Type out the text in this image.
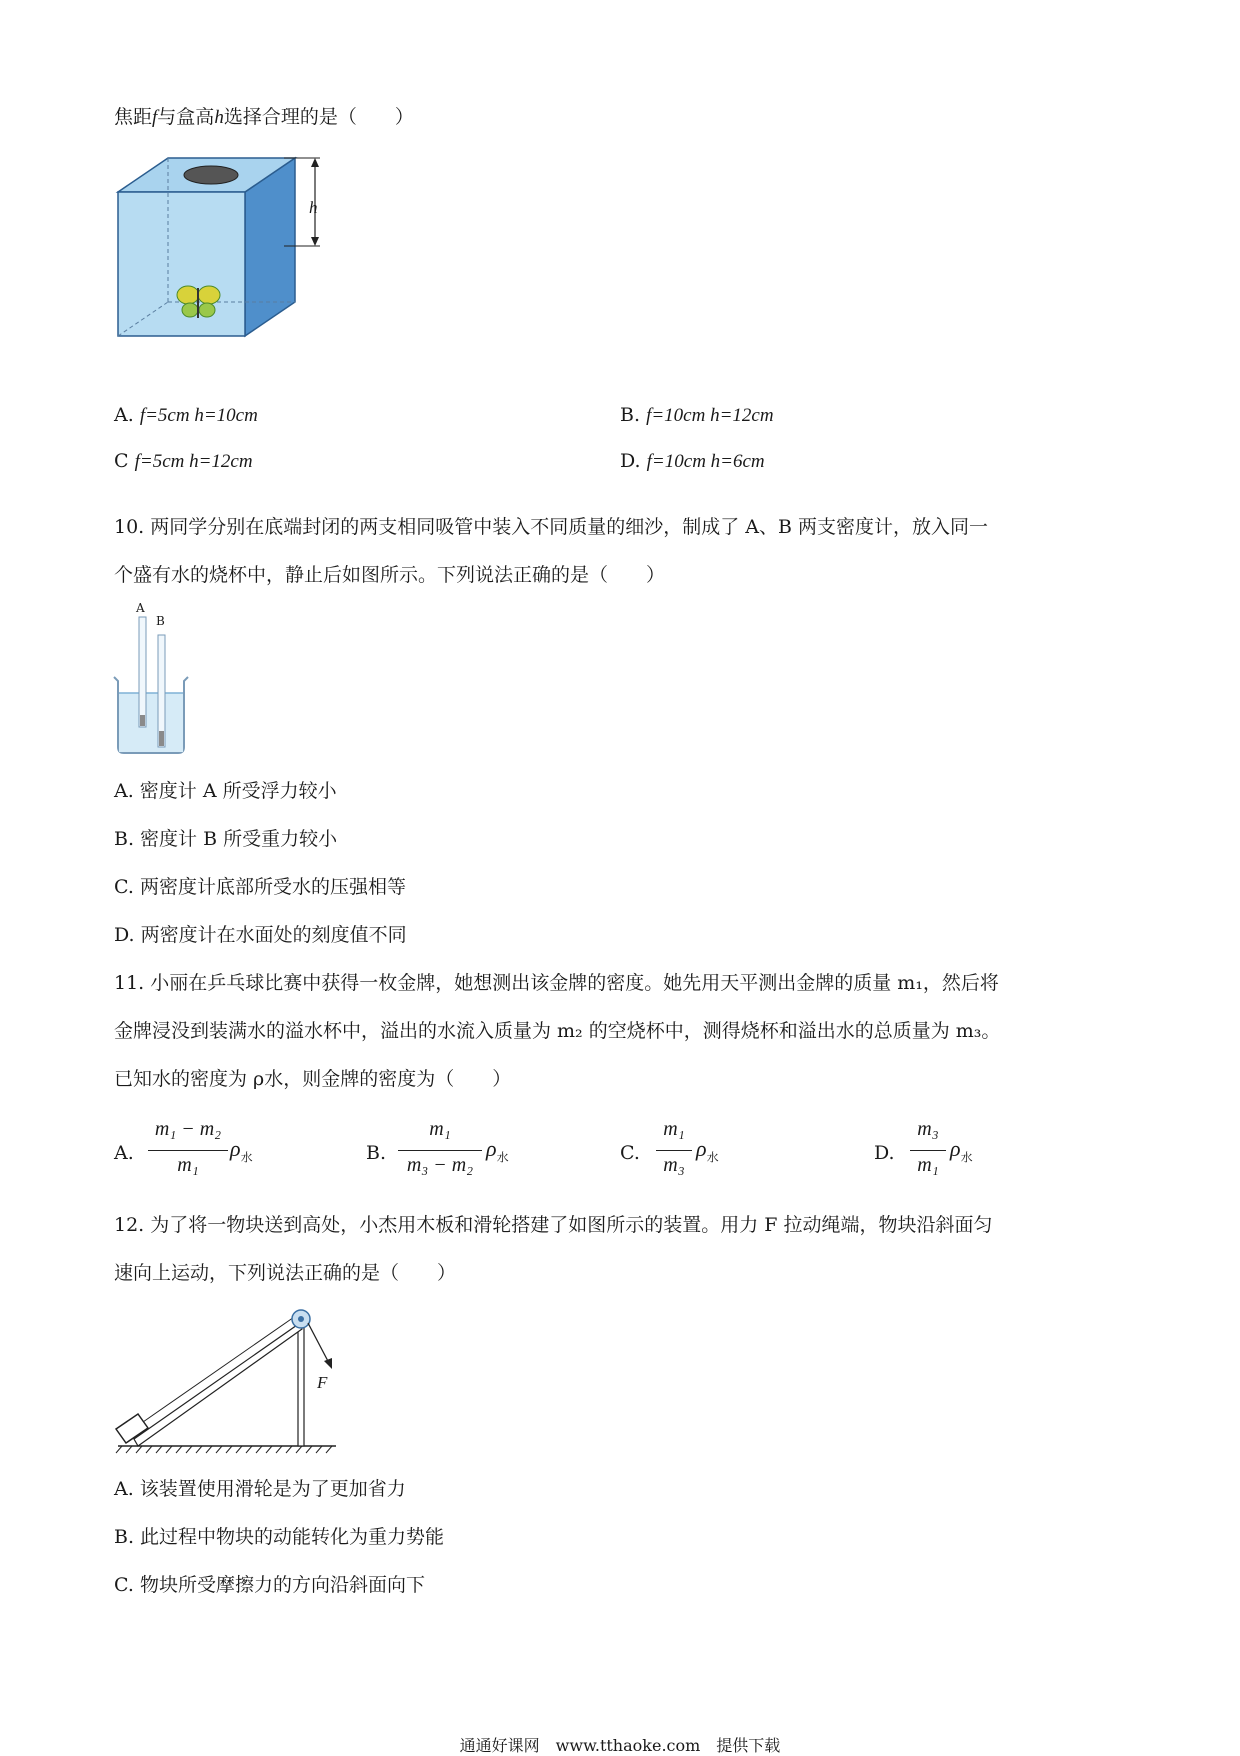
焦距f与盒高h选择合理的是（　　）
h
A. f=5cm h=10cm	B. f=10cm h=12cm
C f=5cm h=12cm	D. f=10cm h=6cm
10. 两同学分别在底端封闭的两支相同吸管中装入不同质量的细沙，制成了 A、B 两支密度计，放入同一
个盛有水的烧杯中，静止后如图所示。下列说法正确的是（　　）
A
B
A. 密度计 A 所受浮力较小
B. 密度计 B 所受重力较小
C. 两密度计底部所受水的压强相等
D. 两密度计在水面处的刻度值不同
11. 小丽在乒乓球比赛中获得一枚金牌，她想测出该金牌的密度。她先用天平测出金牌的质量 m₁，然后将
金牌浸没到装满水的溢水杯中，溢出的水流入质量为 m₂ 的空烧杯中，测得烧杯和溢出水的总质量为 m₃。
已知水的密度为 ρ水，则金牌的密度为（　　）
A.
m₁ − m₂
m₁
$\rho_水$	B.
m₁
m₃ − m₂
$\rho_水$	C.
m₁
m₃
$\rho_水$	D.
m₃
m₁
$\rho_水$
12. 为了将一物块送到高处，小杰用木板和滑轮搭建了如图所示的装置。用力 F 拉动绳端，物块沿斜面匀
速向上运动，下列说法正确的是（　　）
F
A. 该装置使用滑轮是为了更加省力
B. 此过程中物块的动能转化为重力势能
C. 物块所受摩擦力的方向沿斜面向下
通通好课网　www.tthaoke.com　提供下载
